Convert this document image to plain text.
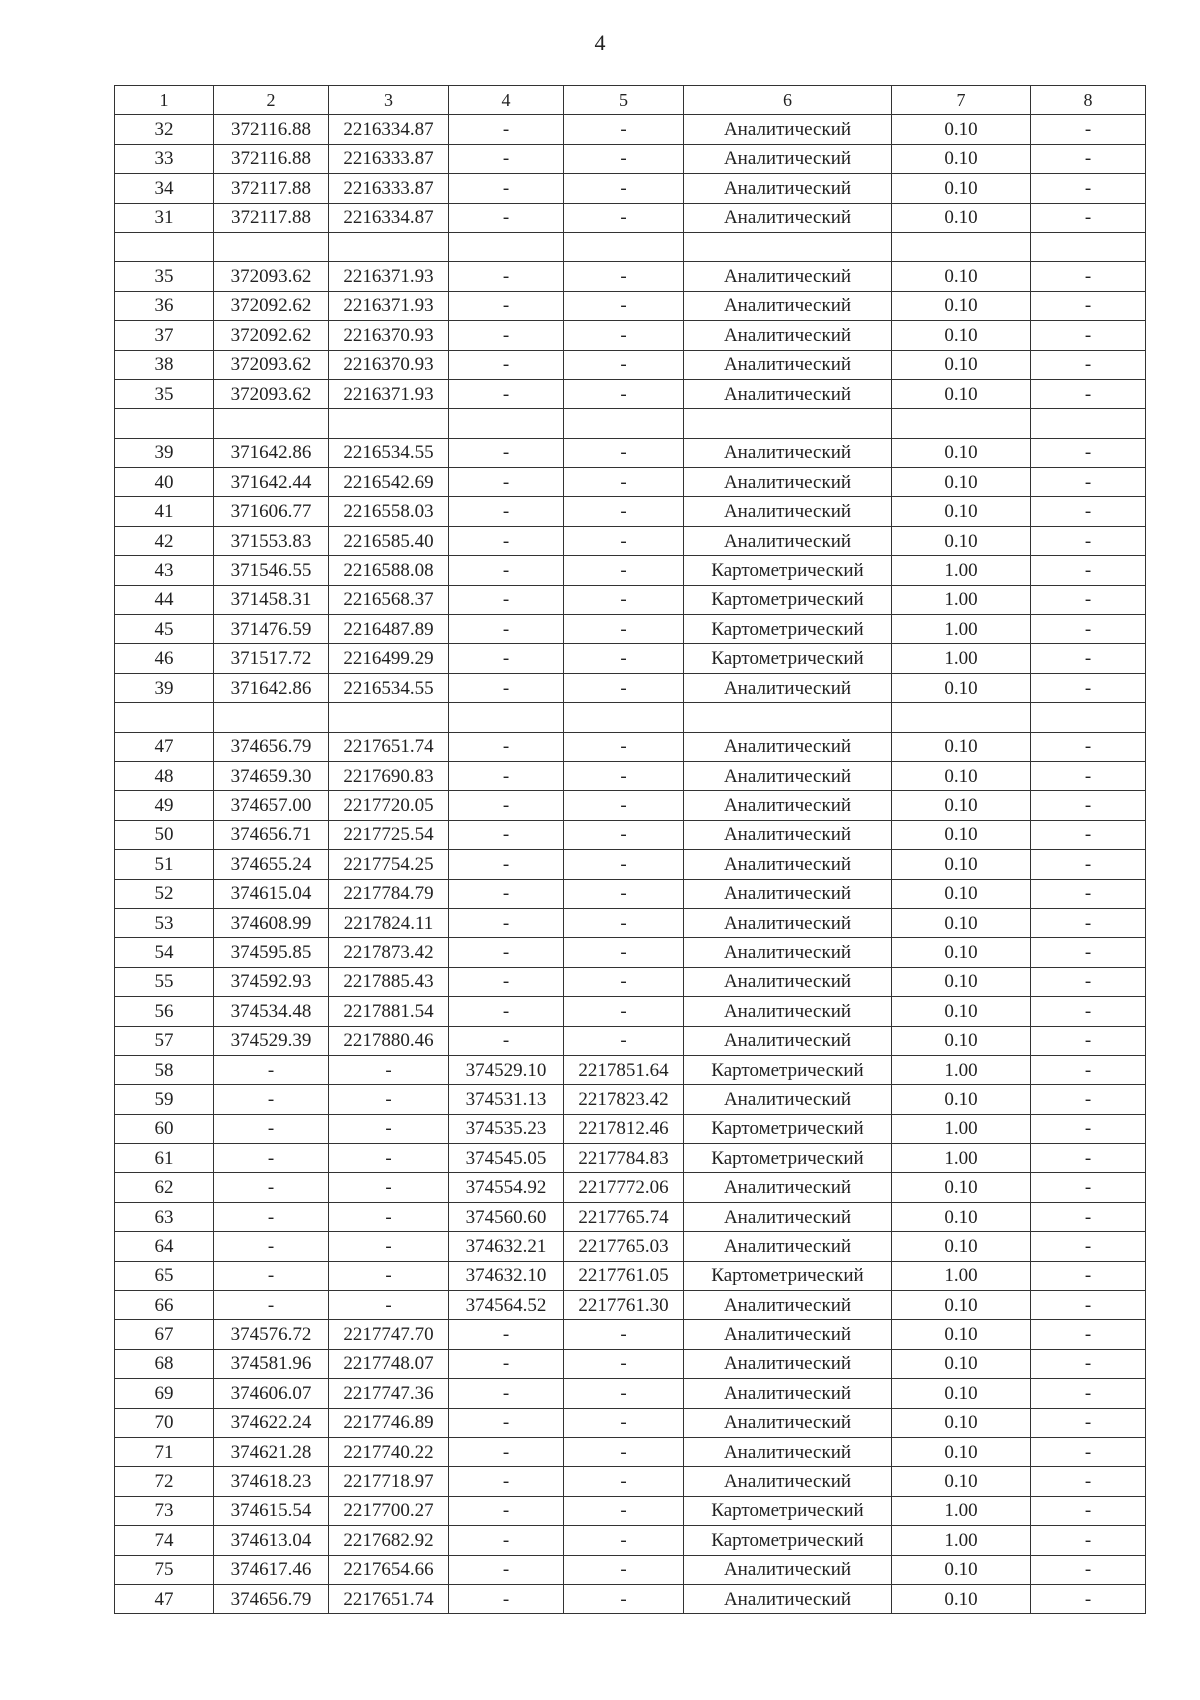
4
1	2	3	4	5	6	7	8
32	372116.88	2216334.87	-	-	Аналитический	0.10	-
33	372116.88	2216333.87	-	-	Аналитический	0.10	-
34	372117.88	2216333.87	-	-	Аналитический	0.10	-
31	372117.88	2216334.87	-	-	Аналитический	0.10	-

35	372093.62	2216371.93	-	-	Аналитический	0.10	-
36	372092.62	2216371.93	-	-	Аналитический	0.10	-
37	372092.62	2216370.93	-	-	Аналитический	0.10	-
38	372093.62	2216370.93	-	-	Аналитический	0.10	-
35	372093.62	2216371.93	-	-	Аналитический	0.10	-

39	371642.86	2216534.55	-	-	Аналитический	0.10	-
40	371642.44	2216542.69	-	-	Аналитический	0.10	-
41	371606.77	2216558.03	-	-	Аналитический	0.10	-
42	371553.83	2216585.40	-	-	Аналитический	0.10	-
43	371546.55	2216588.08	-	-	Картометрический	1.00	-
44	371458.31	2216568.37	-	-	Картометрический	1.00	-
45	371476.59	2216487.89	-	-	Картометрический	1.00	-
46	371517.72	2216499.29	-	-	Картометрический	1.00	-
39	371642.86	2216534.55	-	-	Аналитический	0.10	-

47	374656.79	2217651.74	-	-	Аналитический	0.10	-
48	374659.30	2217690.83	-	-	Аналитический	0.10	-
49	374657.00	2217720.05	-	-	Аналитический	0.10	-
50	374656.71	2217725.54	-	-	Аналитический	0.10	-
51	374655.24	2217754.25	-	-	Аналитический	0.10	-
52	374615.04	2217784.79	-	-	Аналитический	0.10	-
53	374608.99	2217824.11	-	-	Аналитический	0.10	-
54	374595.85	2217873.42	-	-	Аналитический	0.10	-
55	374592.93	2217885.43	-	-	Аналитический	0.10	-
56	374534.48	2217881.54	-	-	Аналитический	0.10	-
57	374529.39	2217880.46	-	-	Аналитический	0.10	-
58	-	-	374529.10	2217851.64	Картометрический	1.00	-
59	-	-	374531.13	2217823.42	Аналитический	0.10	-
60	-	-	374535.23	2217812.46	Картометрический	1.00	-
61	-	-	374545.05	2217784.83	Картометрический	1.00	-
62	-	-	374554.92	2217772.06	Аналитический	0.10	-
63	-	-	374560.60	2217765.74	Аналитический	0.10	-
64	-	-	374632.21	2217765.03	Аналитический	0.10	-
65	-	-	374632.10	2217761.05	Картометрический	1.00	-
66	-	-	374564.52	2217761.30	Аналитический	0.10	-
67	374576.72	2217747.70	-	-	Аналитический	0.10	-
68	374581.96	2217748.07	-	-	Аналитический	0.10	-
69	374606.07	2217747.36	-	-	Аналитический	0.10	-
70	374622.24	2217746.89	-	-	Аналитический	0.10	-
71	374621.28	2217740.22	-	-	Аналитический	0.10	-
72	374618.23	2217718.97	-	-	Аналитический	0.10	-
73	374615.54	2217700.27	-	-	Картометрический	1.00	-
74	374613.04	2217682.92	-	-	Картометрический	1.00	-
75	374617.46	2217654.66	-	-	Аналитический	0.10	-
47	374656.79	2217651.74	-	-	Аналитический	0.10	-
